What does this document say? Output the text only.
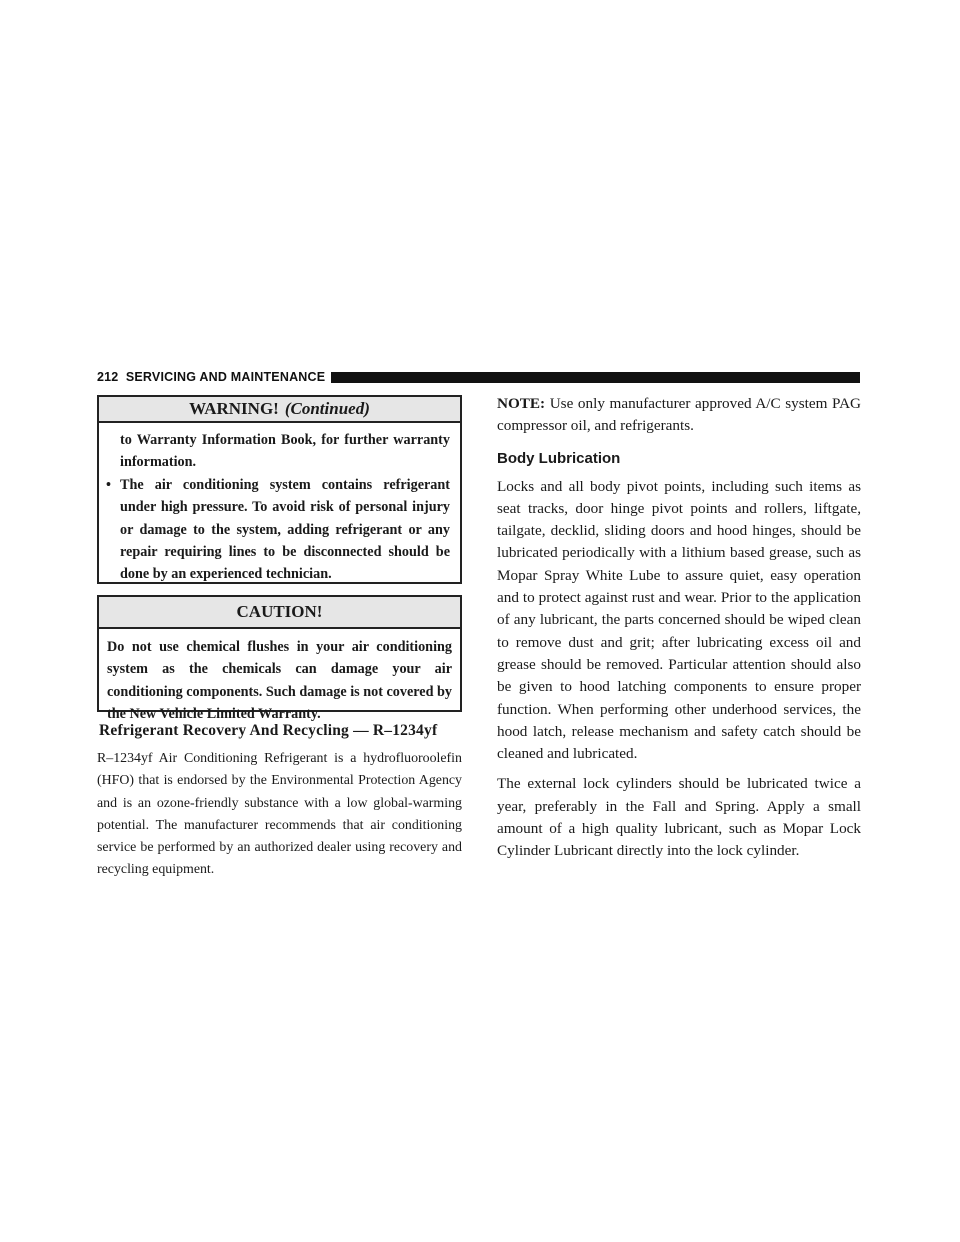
212 SERVICING AND MAINTENANCE
WARNING! (Continued)

to Warranty Information Book, for further warranty information.

• The air conditioning system contains refrigerant under high pressure. To avoid risk of personal injury or damage to the system, adding refrigerant or any repair requiring lines to be disconnected should be done by an experienced technician.

CAUTION!

Do not use chemical flushes in your air conditioning system as the chemicals can damage your air conditioning components. Such damage is not covered by the New Vehicle Limited Warranty.

Refrigerant Recovery And Recycling — R–1234yf

R–1234yf Air Conditioning Refrigerant is a hydrofluoroolefin (HFO) that is endorsed by the Environmental Protection Agency and is an ozone-friendly substance with a low global-warming potential. The manufacturer recommends that air conditioning service be performed by an authorized dealer using recovery and recycling equipment.

NOTE: Use only manufacturer approved A/C system PAG compressor oil, and refrigerants.

Body Lubrication

Locks and all body pivot points, including such items as seat tracks, door hinge pivot points and rollers, liftgate, tailgate, decklid, sliding doors and hood hinges, should be lubricated periodically with a lithium based grease, such as Mopar Spray White Lube to assure quiet, easy operation and to protect against rust and wear. Prior to the application of any lubricant, the parts concerned should be wiped clean to remove dust and grit; after lubricating excess oil and grease should be removed. Particular attention should also be given to hood latching components to ensure proper function. When performing other underhood services, the hood latch, release mechanism and safety catch should be cleaned and lubricated.

The external lock cylinders should be lubricated twice a year, preferably in the Fall and Spring. Apply a small amount of a high quality lubricant, such as Mopar Lock Cylinder Lubricant directly into the lock cylinder.
